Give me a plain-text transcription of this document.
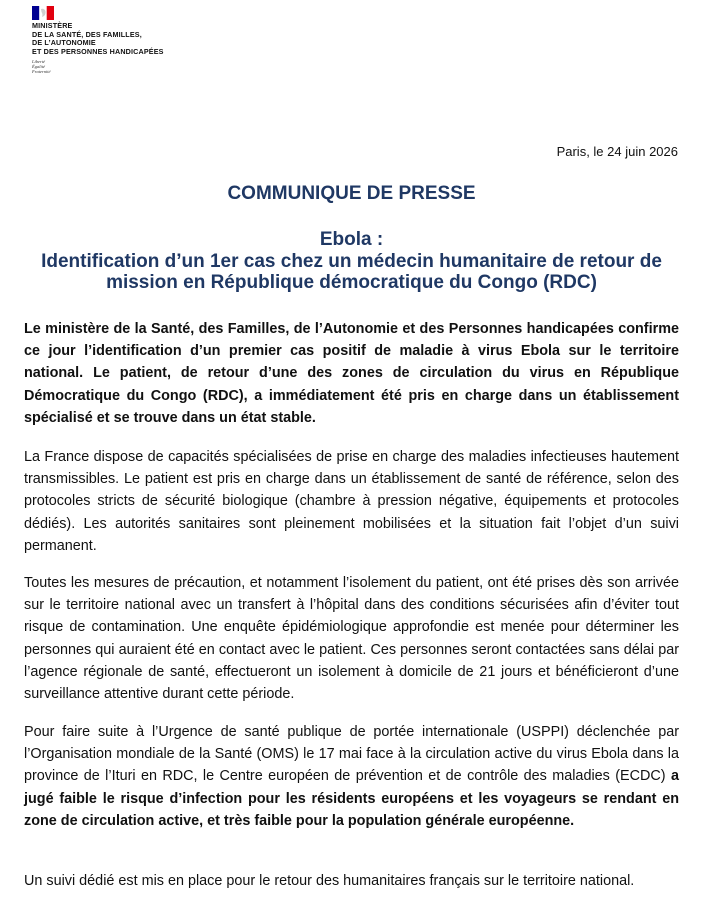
MINISTÈRE
DE LA SANTÉ, DES FAMILLES,
DE L’AUTONOMIE
ET DES PERSONNES HANDICAPÉES
Liberté
Égalité
Fraternité
Paris, le 24 juin 2026
COMMUNIQUE DE PRESSE
Ebola :
Identification d’un 1er cas chez un médecin humanitaire de retour de
mission en République démocratique du Congo (RDC)
Le ministère de la Santé, des Familles, de l’Autonomie et des Personnes handicapées confirme ce jour l’identification d’un premier cas positif de maladie à virus Ebola sur le territoire national. Le patient, de retour d’une des zones de circulation du virus en République Démocratique du Congo (RDC), a immédiatement été pris en charge dans un établissement spécialisé et se trouve dans un état stable.
La France dispose de capacités spécialisées de prise en charge des maladies infectieuses hautement transmissibles. Le patient est pris en charge dans un établissement de santé de référence, selon des protocoles stricts de sécurité biologique (chambre à pression négative, équipements et protocoles dédiés). Les autorités sanitaires sont pleinement mobilisées et la situation fait l’objet d’un suivi permanent.
Toutes les mesures de précaution, et notamment l’isolement du patient, ont été prises dès son arrivée sur le territoire national avec un transfert à l’hôpital dans des conditions sécurisées afin d’éviter tout risque de contamination. Une enquête épidémiologique approfondie est menée pour déterminer les personnes qui auraient été en contact avec le patient. Ces personnes seront contactées sans délai par l’agence régionale de santé, effectueront un isolement à domicile de 21 jours et bénéficieront d’une surveillance attentive durant cette période.
Pour faire suite à l’Urgence de santé publique de portée internationale (USPPI) déclenchée par l’Organisation mondiale de la Santé (OMS) le 17 mai face à la circulation active du virus Ebola dans la province de l’Ituri en RDC, le Centre européen de prévention et de contrôle des maladies (ECDC) a jugé faible le risque d’infection pour les résidents européens et les voyageurs se rendant en zone de circulation active, et très faible pour la population générale européenne.
Un suivi dédié est mis en place pour le retour des humanitaires français sur le territoire national.
